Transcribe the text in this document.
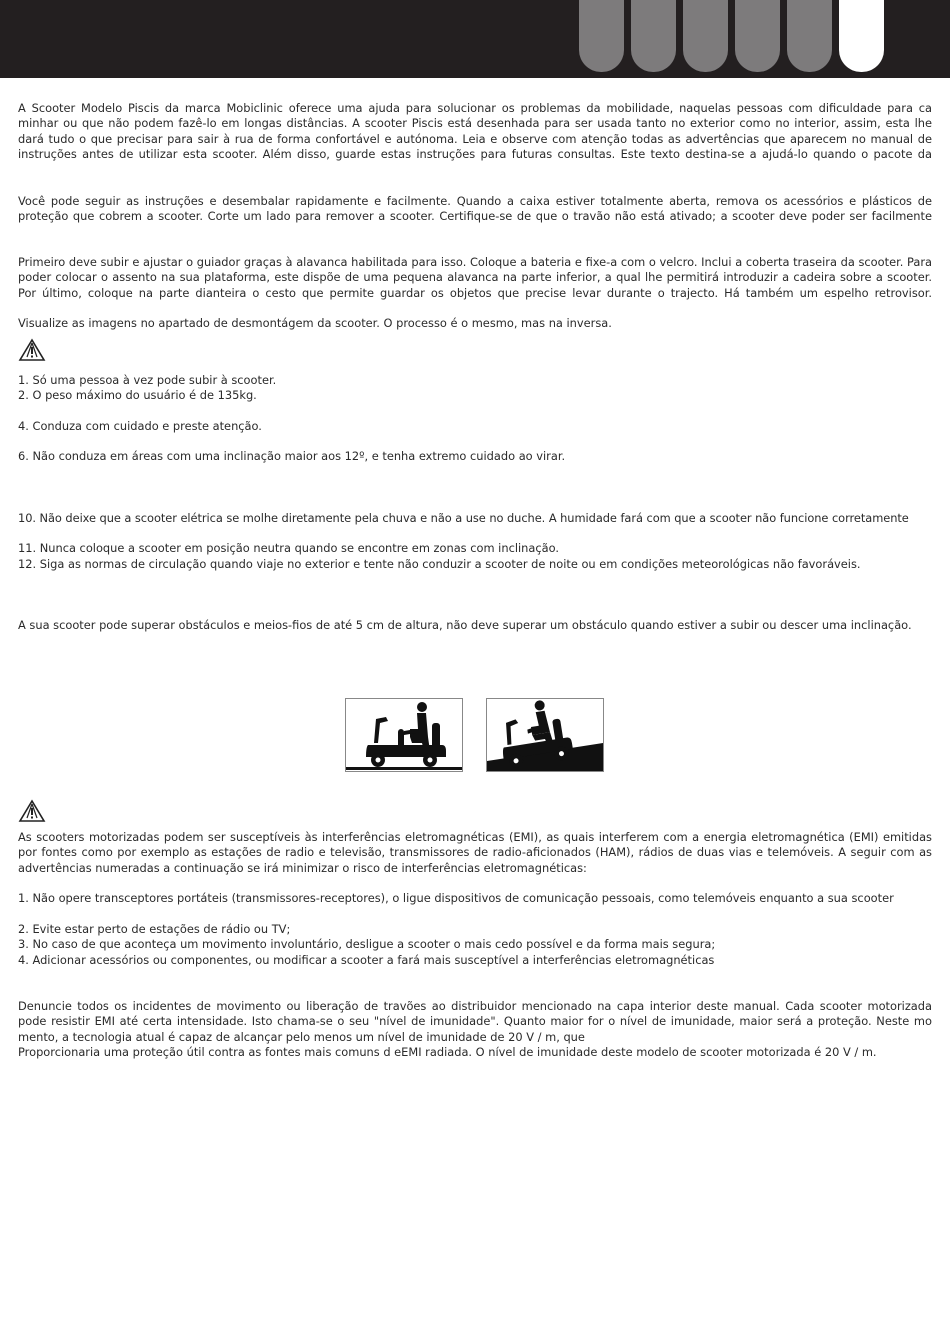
A Scooter Modelo Piscis da marca Mobiclinic oferece uma ajuda para solucionar os problemas da mobilidade, naquelas pessoas com dificuldade para ca
minhar ou que não podem fazê-lo em longas distâncias. A scooter Piscis está desenhada para ser usada tanto no exterior como no interior, assim, esta lhe
dará tudo o que precisar para sair à rua de forma confortável e autónoma. Leia e observe com atenção todas as advertências que aparecem no manual de
instruções antes de utilizar esta scooter. Além disso, guarde estas instruções para futuras consultas. Este texto destina-se a ajudá-lo quando o pacote da
Você pode seguir as instruções e desembalar rapidamente e facilmente. Quando a caixa estiver totalmente aberta, remova os acessórios e plásticos de
proteção que cobrem a scooter. Corte um lado para remover a scooter. Certifique-se de que o travão não está ativado; a scooter deve poder ser facilmente
Primeiro deve subir e ajustar o guiador graças à alavanca habilitada para isso. Coloque a bateria e fixe-a com o velcro. Inclui a coberta traseira da scooter. Para
poder colocar o assento na sua plataforma, este dispõe de uma pequena alavanca na parte inferior, a qual lhe permitirá introduzir a cadeira sobre a scooter.
Por último, coloque na parte dianteira o cesto que permite guardar os objetos que precise levar durante o trajecto. Há também um espelho retrovisor.

Visualize as imagens no apartado de desmontágem da scooter. O processo é o mesmo, mas na inversa.

1. Só uma pessoa à vez pode subir à scooter.

2. O peso máximo do usuário é de 135kg.

4. Conduza com cuidado e preste atenção.

6. Não conduza em áreas com uma inclinação maior aos 12º, e tenha extremo cuidado ao virar.

10. Não deixe que a scooter elétrica se molhe diretamente pela chuva e não a use no duche. A humidade fará com que a scooter não funcione corretamente

11. Nunca coloque a scooter em posição neutra quando se encontre em zonas com inclinação.

12. Siga as normas de circulação quando viaje no exterior e tente não conduzir a scooter de noite ou em condições meteorológicas não favoráveis.

A sua scooter pode superar obstáculos e meios-fios de até 5 cm de altura, não deve superar um obstáculo quando estiver a subir ou descer uma inclinação.

As scooters motorizadas podem ser susceptíveis às interferências eletromagnéticas (EMI), as quais interferem com a energia eletromagnética (EMI) emitidas
por fontes como por exemplo as estações de radio e televisão, transmissores de radio-aficionados (HAM), rádios de duas vias e telemóveis. A seguir com as

advertências numeradas a continuação se irá minimizar o risco de interferências eletromagnéticas:

1. Não opere transceptores portáteis (transmissores-receptores), o ligue dispositivos de comunicação pessoais, como telemóveis enquanto a sua scooter

2. Evite estar perto de estações de rádio ou TV;

3. No caso de que aconteça um movimento involuntário, desligue a scooter o mais cedo possível e da forma mais segura;

4. Adicionar acessórios ou componentes, ou modificar a scooter a fará mais susceptível a interferências eletromagnéticas

Denuncie todos os incidentes de movimento ou liberação de travões ao distribuidor mencionado na capa interior deste manual. Cada scooter motorizada
pode resistir EMI até certa intensidade. Isto chama-se o seu "nível de imunidade". Quanto maior for o nível de imunidade, maior será a proteção. Neste mo

mento, a tecnologia atual é capaz de alcançar pelo menos um nível de imunidade de 20 V / m, que
Proporcionaria uma proteção útil contra as fontes mais comuns d eEMI radiada. O nível de imunidade deste modelo de scooter motorizada é 20 V / m.
